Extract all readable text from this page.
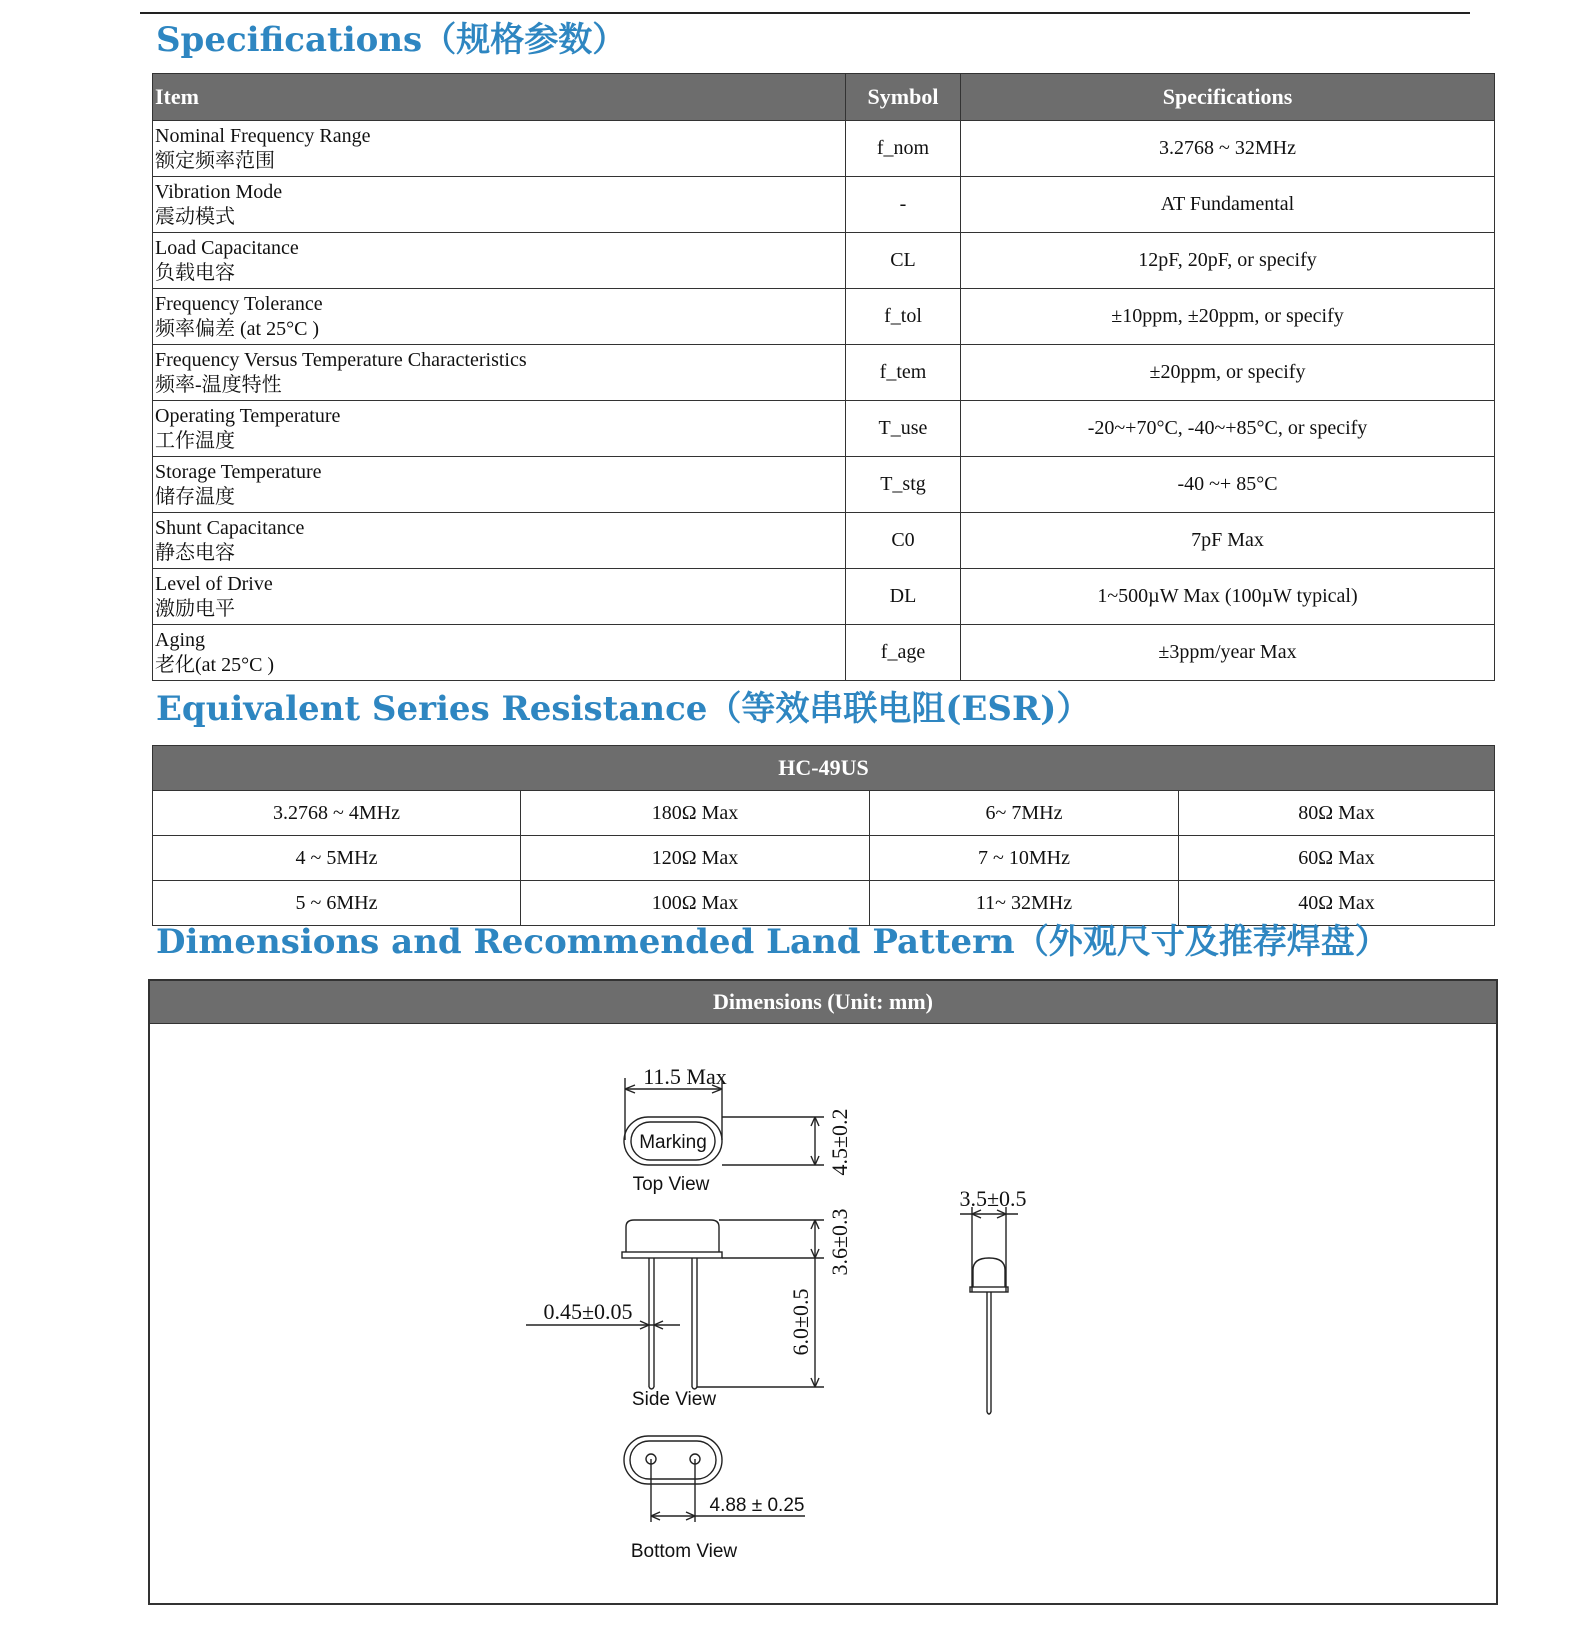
Specifications（规格参数）
Item	Symbol	Specifications

Nominal Frequency Range
额定频率范围	f_nom	3.2768 ~ 32MHz

Vibration Mode
震动模式	-	AT Fundamental

Load Capacitance
负载电容	CL	12pF, 20pF, or specify

Frequency Tolerance
频率偏差 (at 25°C )	f_tol	±10ppm, ±20ppm, or specify

Frequency Versus Temperature Characteristics
频率-温度特性	f_tem	±20ppm, or specify

Operating Temperature
工作温度	T_use	-20~+70°C, -40~+85°C, or specify

Storage Temperature
储存温度	T_stg	-40 ~+ 85°C

Shunt Capacitance
静态电容	C0	7pF Max

Level of Drive
激励电平	DL	1~500µW Max (100µW typical)

Aging
老化(at 25°C )	f_age	±3ppm/year Max
Equivalent Series Resistance（等效串联电阻(ESR)）
HC-49US			
3.2768 ~ 4MHz	180Ω Max	6~ 7MHz	80Ω Max
4 ~ 5MHz	120Ω Max	7 ~ 10MHz	60Ω Max
5 ~ 6MHz	100Ω Max	11~ 32MHz	40Ω Max
Dimensions and Recommended Land Pattern（外观尺寸及推荐焊盘）
Dimensions (Unit: mm)
11.5 Max
Marking	4.5±0.2
Top View
3.6±0.3
6.0±0.5
0.45±0.05
Side View
3.5±0.5
4.88 ± 0.25
Bottom View
